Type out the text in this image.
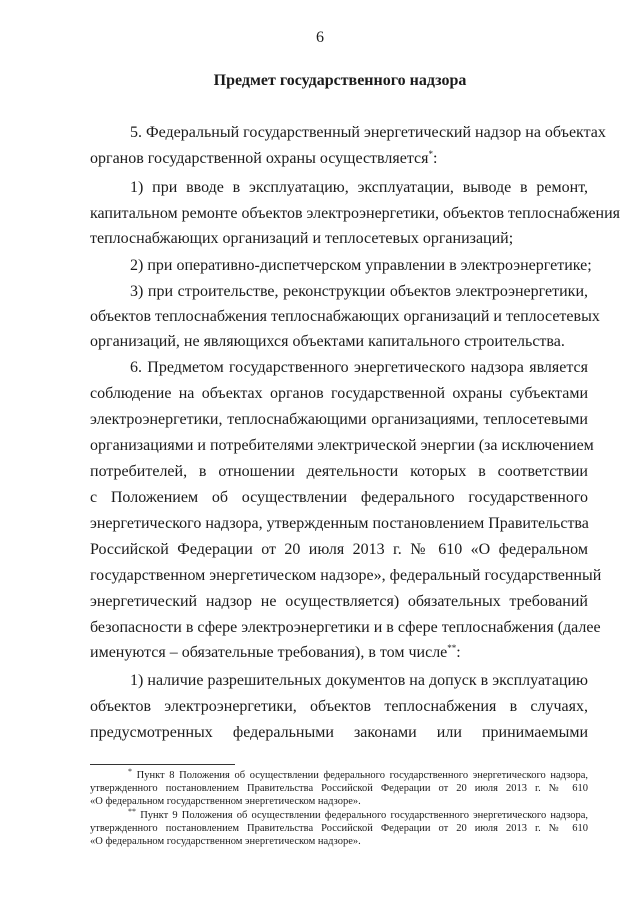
6
Предмет государственного надзора
5. Федеральный государственный энергетический надзор на объектах
органов государственной охраны осуществляется*:
1) при вводе в эксплуатацию, эксплуатации, выводе в ремонт,
капитальном ремонте объектов электроэнергетики, объектов теплоснабжения
теплоснабжающих организаций и теплосетевых организаций;
2) при оперативно-диспетчерском управлении в электроэнергетике;
3) при строительстве, реконструкции объектов электроэнергетики,
объектов теплоснабжения теплоснабжающих организаций и теплосетевых
организаций, не являющихся объектами капитального строительства.
6. Предметом государственного энергетического надзора является
соблюдение на объектах органов государственной охраны субъектами
электроэнергетики, теплоснабжающими организациями, теплосетевыми
организациями и потребителями электрической энергии (за исключением
потребителей, в отношении деятельности которых в соответствии
с Положением об осуществлении федерального государственного
энергетического надзора, утвержденным постановлением Правительства
Российской Федерации от 20 июля 2013 г. № 610 «О федеральном
государственном энергетическом надзоре», федеральный государственный
энергетический надзор не осуществляется) обязательных требований
безопасности в сфере электроэнергетики и в сфере теплоснабжения (далее
именуются – обязательные требования), в том числе**:
1) наличие разрешительных документов на допуск в эксплуатацию
объектов электроэнергетики, объектов теплоснабжения в случаях,
предусмотренных федеральными законами или принимаемыми
* Пункт 8 Положения об осуществлении федерального государственного энергетического надзора,
утвержденного постановлением Правительства Российской Федерации от 20 июля 2013 г. № 610
«О федеральном государственном энергетическом надзоре».
** Пункт 9 Положения об осуществлении федерального государственного энергетического надзора,
утвержденного постановлением Правительства Российской Федерации от 20 июля 2013 г. № 610
«О федеральном государственном энергетическом надзоре».
